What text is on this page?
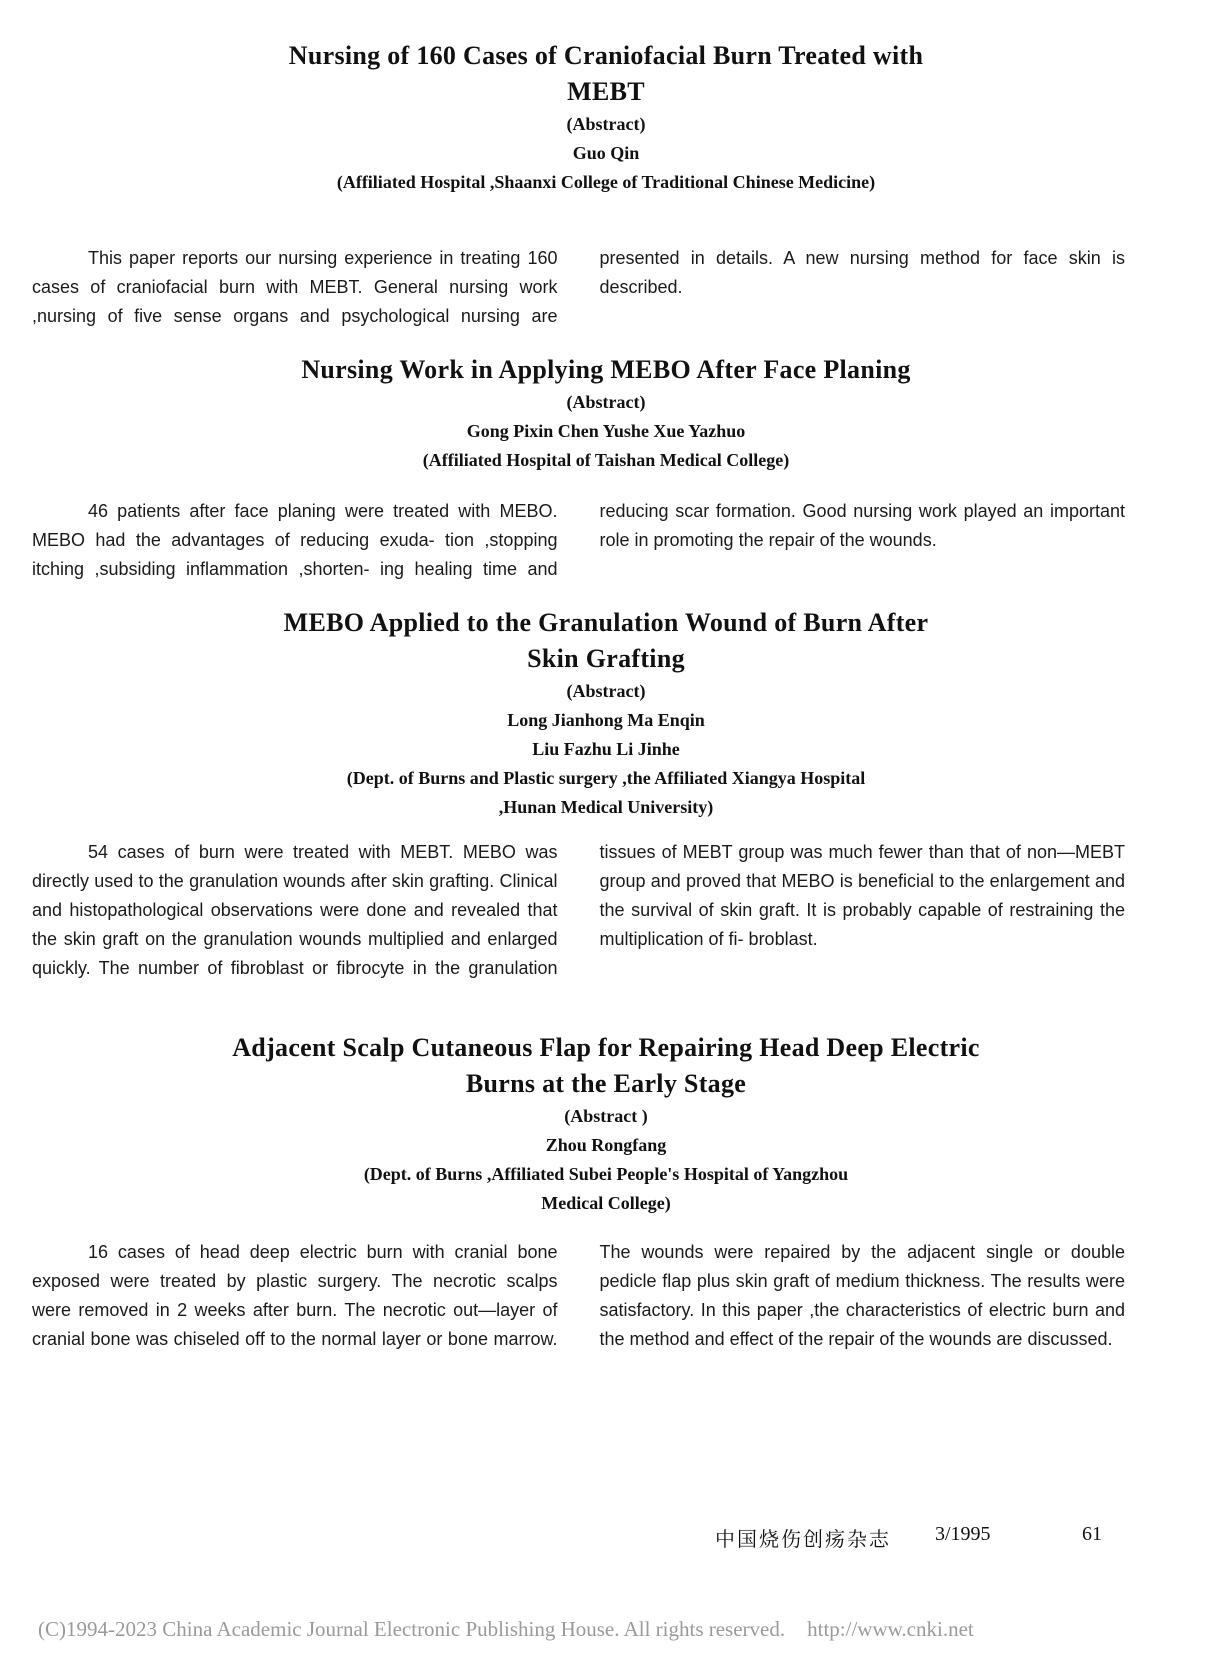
Nursing of 160 Cases of Craniofacial Burn Treated with MEBT
(Abstract)
Guo Qin
(Affiliated Hospital ,Shaanxi College of Traditional Chinese Medicine)

This paper reports our nursing experience in treating 160 cases of craniofacial burn with MEBT. General nursing work ,nursing of five sense organs and psychological nursing are presented in details. A new nursing method for face skin is described.

Nursing Work in Applying MEBO After Face Planing
(Abstract)
Gong Pixin Chen Yushe Xue Yazhuo
(Affiliated Hospital of Taishan Medical College)

46 patients after face planing were treated with MEBO. MEBO had the advantages of reducing exuda- tion ,stopping itching ,subsiding inflammation ,shorten- ing healing time and reducing scar formation. Good nursing work played an important role in promoting the repair of the wounds.

MEBO Applied to the Granulation Wound of Burn After Skin Grafting
(Abstract)
Long Jianhong Ma Enqin
Liu Fazhu Li Jinhe
(Dept. of Burns and Plastic surgery ,the Affiliated Xiangya Hospital ,Hunan Medical University)

54 cases of burn were treated with MEBT. MEBO was directly used to the granulation wounds after skin grafting. Clinical and histopathological observations were done and revealed that the skin graft on the granulation wounds multiplied and enlarged quickly. The number of fibroblast or fibrocyte in the granulation tissues of MEBT group was much fewer than that of non—MEBT group and proved that MEBO is beneficial to the enlargement and the survival of skin graft. It is probably capable of restraining the multiplication of fi- broblast.

Adjacent Scalp Cutaneous Flap for Repairing Head Deep Electric Burns at the Early Stage
(Abstract )
Zhou Rongfang
(Dept. of Burns ,Affiliated Subei People's Hospital of Yangzhou Medical College)

16 cases of head deep electric burn with cranial bone exposed were treated by plastic surgery. The necrotic scalps were removed in 2 weeks after burn. The necrotic out—layer of cranial bone was chiseled off to the normal layer or bone marrow. The wounds were repaired by the adjacent single or double pedicle flap plus skin graft of medium thickness. The results were satisfactory. In this paper ,the characteristics of electric burn and the method and effect of the repair of the wounds are discussed.

中国烧伤创疡杂志 3/1995	61
(C)1994-2023 China Academic Journal Electronic Publishing House. All rights reserved. http://www.cnki.net
